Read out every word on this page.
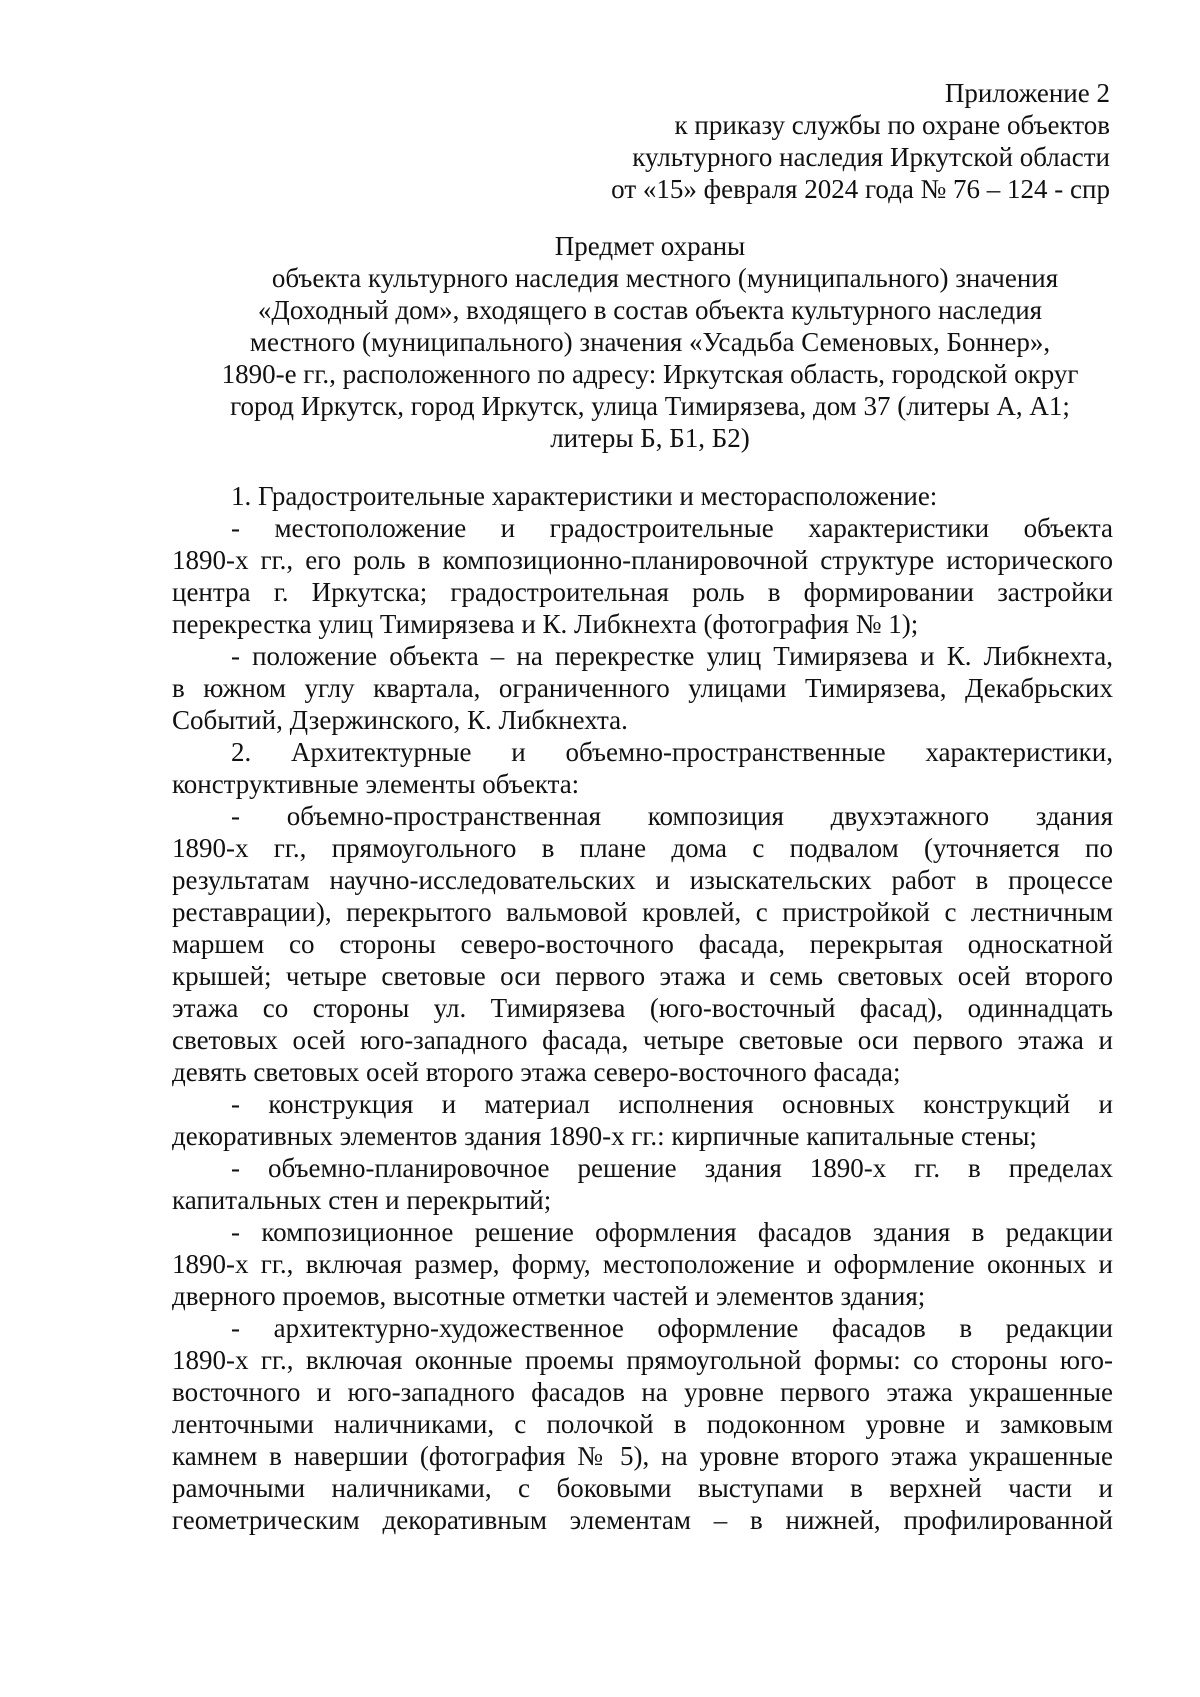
Приложение 2
к приказу службы по охране объектов
культурного наследия Иркутской области
от «15» февраля 2024 года № 76 – 124 - спр
Предмет охраны
объекта культурного наследия местного (муниципального) значения
«Доходный дом», входящего в состав объекта культурного наследия
местного (муниципального) значения «Усадьба Семеновых, Боннер»,
1890-е гг., расположенного по адресу: Иркутская область, городской округ
город Иркутск, город Иркутск, улица Тимирязева, дом 37 (литеры А, А1;
литеры Б, Б1, Б2)
1. Градостроительные характеристики и месторасположение:
- местоположение и градостроительные характеристики объекта
1890-х гг., его роль в композиционно-планировочной структуре исторического
центра г. Иркутска; градостроительная роль в формировании застройки
перекрестка улиц Тимирязева и К. Либкнехта (фотография № 1);
- положение объекта – на перекрестке улиц Тимирязева и К. Либкнехта,
в южном углу квартала, ограниченного улицами Тимирязева, Декабрьских
Событий, Дзержинского, К. Либкнехта.
2. Архитектурные и объемно-пространственные характеристики,
конструктивные элементы объекта:
- объемно-пространственная композиция двухэтажного здания
1890-х гг., прямоугольного в плане дома с подвалом (уточняется по
результатам научно-исследовательских и изыскательских работ в процессе
реставрации), перекрытого вальмовой кровлей, с пристройкой с лестничным
маршем со стороны северо-восточного фасада, перекрытая односкатной
крышей; четыре световые оси первого этажа и семь световых осей второго
этажа со стороны ул. Тимирязева (юго-восточный фасад), одиннадцать
световых осей юго-западного фасада, четыре световые оси первого этажа и
девять световых осей второго этажа северо-восточного фасада;
- конструкция и материал исполнения основных конструкций и
декоративных элементов здания 1890-х гг.: кирпичные капитальные стены;
- объемно-планировочное решение здания 1890-х гг. в пределах
капитальных стен и перекрытий;
- композиционное решение оформления фасадов здания в редакции
1890-х гг., включая размер, форму, местоположение и оформление оконных и
дверного проемов, высотные отметки частей и элементов здания;
- архитектурно-художественное оформление фасадов в редакции
1890-х гг., включая оконные проемы прямоугольной формы: со стороны юго-
восточного и юго-западного фасадов на уровне первого этажа украшенные
ленточными наличниками, с полочкой в подоконном уровне и замковым
камнем в навершии (фотография № 5), на уровне второго этажа украшенные
рамочными наличниками, с боковыми выступами в верхней части и
геометрическим декоративным элементам – в нижней, профилированной
